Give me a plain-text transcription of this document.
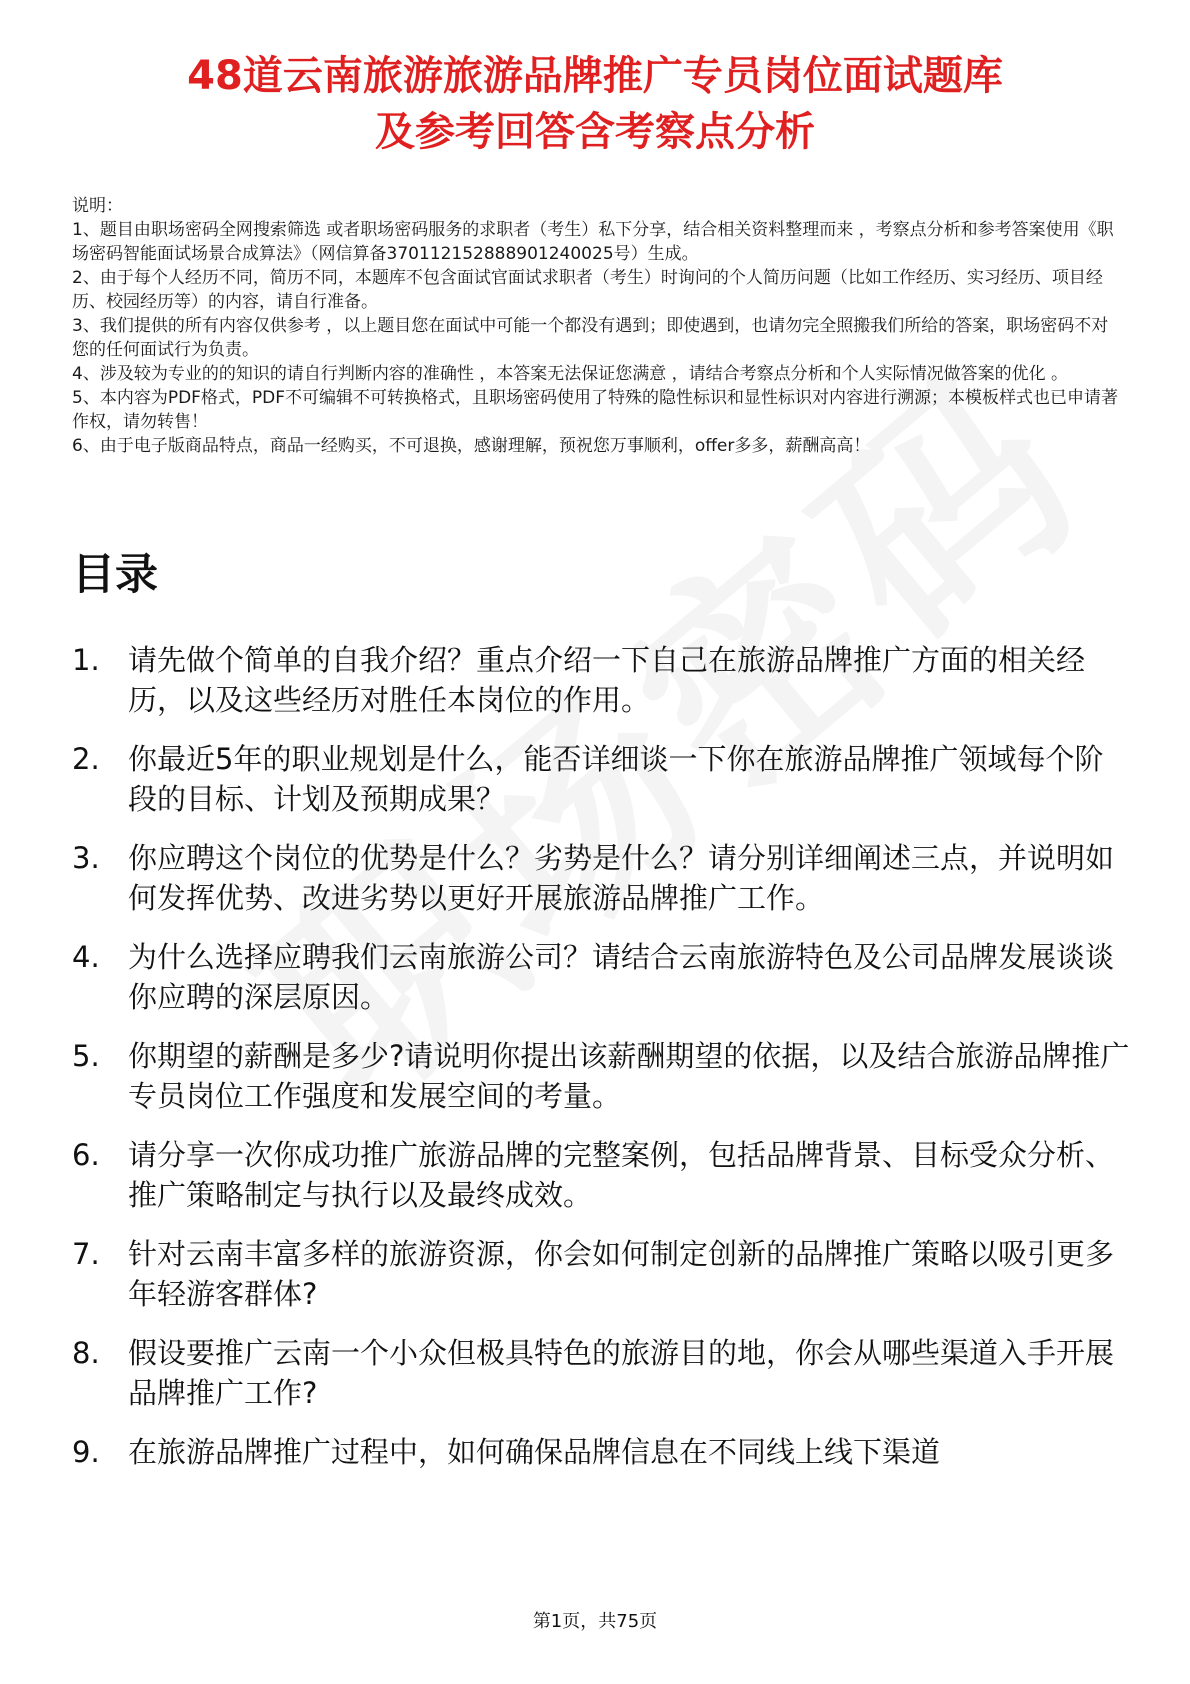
48道云南旅游旅游品牌推广专员岗位面试题库
及参考回答含考察点分析

说明：

1、题目由职场密码全网搜索筛选 或者职场密码服务的求职者（考生）私下分享，结合相关资料整理而来 ，考察点分析和参考答案使用《职场密码智能面试场景合成算法》（网信算备370112152888901240025号）生成。

2、由于每个人经历不同，简历不同，本题库不包含面试官面试求职者（考生）时询问的个人简历问题（比如工作经历、实习经历、项目经历、校园经历等）的内容，请自行准备。

3、我们提供的所有内容仅供参考 ，以上题目您在面试中可能一个都没有遇到；即使遇到，也请勿完全照搬我们所给的答案，职场密码不对您的任何面试行为负责。

4、涉及较为专业的的知识的请自行判断内容的准确性 ，本答案无法保证您满意 ，请结合考察点分析和个人实际情况做答案的优化 。

5、本内容为PDF格式，PDF不可编辑不可转换格式，且职场密码使用了特殊的隐性标识和显性标识对内容进行溯源；本模板样式也已申请著作权，请勿转售！

6、由于电子版商品特点，商品一经购买，不可退换，感谢理解，预祝您万事顺利，offer多多，薪酬高高！

目录
1. 请先做个简单的自我介绍？重点介绍一下自己在旅游品牌推广方面的相关经历，以及这些经历对胜任本岗位的作用。
2. 你最近5年的职业规划是什么，能否详细谈一下你在旅游品牌推广领域每个阶段的目标、计划及预期成果？
3. 你应聘这个岗位的优势是什么？劣势是什么？请分别详细阐述三点，并说明如何发挥优势、改进劣势以更好开展旅游品牌推广工作。
4. 为什么选择应聘我们云南旅游公司？请结合云南旅游特色及公司品牌发展谈谈你应聘的深层原因。
5. 你期望的薪酬是多少?请说明你提出该薪酬期望的依据，以及结合旅游品牌推广专员岗位工作强度和发展空间的考量。
6. 请分享一次你成功推广旅游品牌的完整案例，包括品牌背景、目标受众分析、推广策略制定与执行以及最终成效。
7. 针对云南丰富多样的旅游资源，你会如何制定创新的品牌推广策略以吸引更多年轻游客群体?
8. 假设要推广云南一个小众但极具特色的旅游目的地，你会从哪些渠道入手开展品牌推广工作?
9. 在旅游品牌推广过程中，如何确保品牌信息在不同线上线下渠道
第1页，共75页
